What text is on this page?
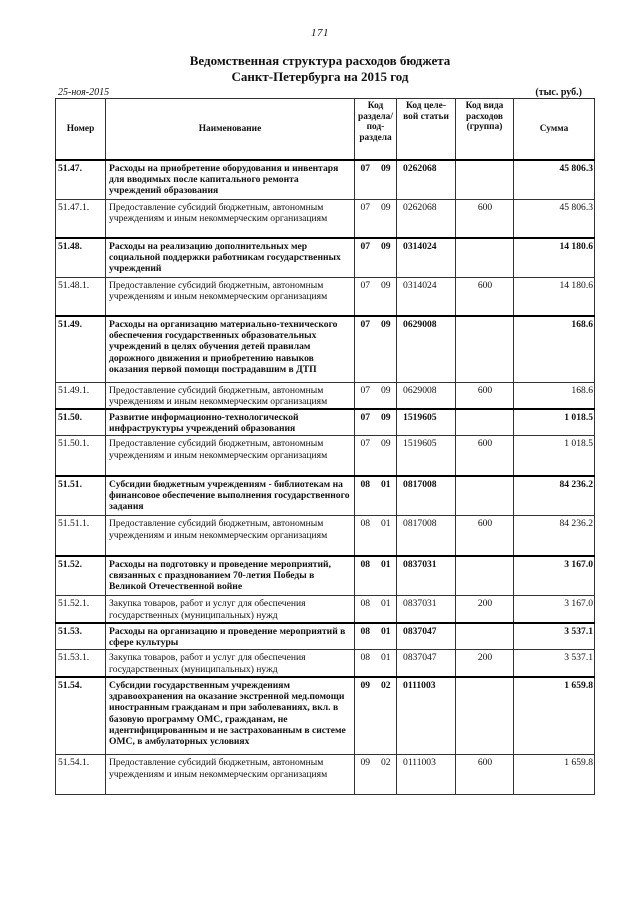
171
Ведомственная структура расходов бюджета
Санкт-Петербурга на 2015 год
25-ноя-2015	(тыс. руб.)
Номер	Наименование	Код раздела/ под- раздела		Код целе- вой статьи	Код вида расходов (группа)	Сумма
51.47.	Расходы на приобретение оборудования и инвентаря для вводимых после капитального ремонта учреждений образования	07	09	0262068		45 806.3
51.47.1.	Предоставление субсидий бюджетным, автономным учреждениям и иным некоммерческим организациям	07	09	0262068	600	45 806.3
51.48.	Расходы на реализацию дополнительных мер социальной поддержки работникам государственных учреждений	07	09	0314024		14 180.6
51.48.1.	Предоставление субсидий бюджетным, автономным учреждениям и иным некоммерческим организациям	07	09	0314024	600	14 180.6
51.49.	Расходы на организацию материально-технического обеспечения государственных образовательных учреждений в целях обучения детей правилам дорожного движения и приобретению навыков оказания первой помощи пострадавшим в ДТП	07	09	0629008		168.6
51.49.1.	Предоставление субсидий бюджетным, автономным учреждениям и иным некоммерческим организациям	07	09	0629008	600	168.6
51.50.	Развитие информационно-технологической инфраструктуры учреждений образования	07	09	1519605		1 018.5
51.50.1.	Предоставление субсидий бюджетным, автономным учреждениям и иным некоммерческим организациям	07	09	1519605	600	1 018.5
51.51.	Субсидии бюджетным учреждениям - библиотекам на финансовое обеспечение выполнения государственного задания	08	01	0817008		84 236.2
51.51.1.	Предоставление субсидий бюджетным, автономным учреждениям и иным некоммерческим организациям	08	01	0817008	600	84 236.2
51.52.	Расходы на подготовку и проведение мероприятий, связанных с празднованием 70-летия Победы в Великой Отечественной войне	08	01	0837031		3 167.0
51.52.1.	Закупка товаров, работ и услуг для обеспечения государственных (муниципальных) нужд	08	01	0837031	200	3 167.0
51.53.	Расходы на организацию и проведение мероприятий в сфере культуры	08	01	0837047		3 537.1
51.53.1.	Закупка товаров, работ и услуг для обеспечения государственных (муниципальных) нужд	08	01	0837047	200	3 537.1
51.54.	Субсидии государственным учреждениям здравоохранения на оказание экстренной мед.помощи иностранным гражданам и при заболеваниях, вкл. в базовую программу ОМС, гражданам, не идентифицированным и не застрахованным в системе ОМС, в амбулаторных условиях	09	02	0111003		1 659.8
51.54.1.	Предоставление субсидий бюджетным, автономным учреждениям и иным некоммерческим организациям	09	02	0111003	600	1 659.8
